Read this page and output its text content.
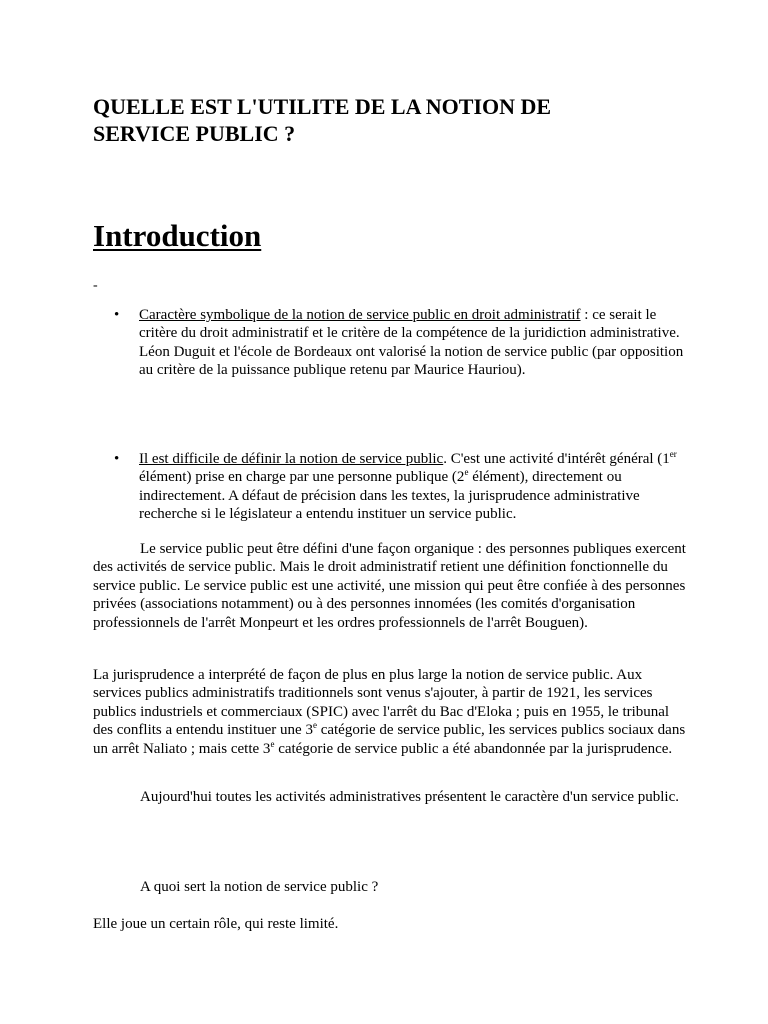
QUELLE EST L'UTILITE DE LA NOTION DE
SERVICE PUBLIC ?
Introduction
-
• Caractère symbolique de la notion de service public en droit administratif : ce serait le critère du droit administratif et le critère de la compétence de la juridiction administrative. Léon Duguit et l'école de Bordeaux ont valorisé la notion de service public (par opposition au critère de la puissance publique retenu par Maurice Hauriou).
• Il est difficile de définir la notion de service public. C'est une activité d'intérêt général (1er élément) prise en charge par une personne publique (2e élément), directement ou indirectement. A défaut de précision dans les textes, la jurisprudence administrative recherche si le législateur a entendu instituer un service public.

Le service public peut être défini d'une façon organique : des personnes publiques exercent des activités de service public. Mais le droit administratif retient une définition fonctionnelle du service public. Le service public est une activité, une mission qui peut être confiée à des personnes privées (associations notamment) ou à des personnes innomées (les comités d'organisation professionnels de l'arrêt Monpeurt et les ordres professionnels de l'arrêt Bouguen).

La jurisprudence a interprété de façon de plus en plus large la notion de service public. Aux services publics administratifs traditionnels sont venus s'ajouter, à partir de 1921, les services publics industriels et commerciaux (SPIC) avec l'arrêt du Bac d'Eloka ; puis en 1955, le tribunal des conflits a entendu instituer une 3e catégorie de service public, les services publics sociaux dans un arrêt Naliato ; mais cette 3e catégorie de service public a été abandonnée par la jurisprudence.

Aujourd'hui toutes les activités administratives présentent le caractère d'un service public.

A quoi sert la notion de service public ?

Elle joue un certain rôle, qui reste limité.
